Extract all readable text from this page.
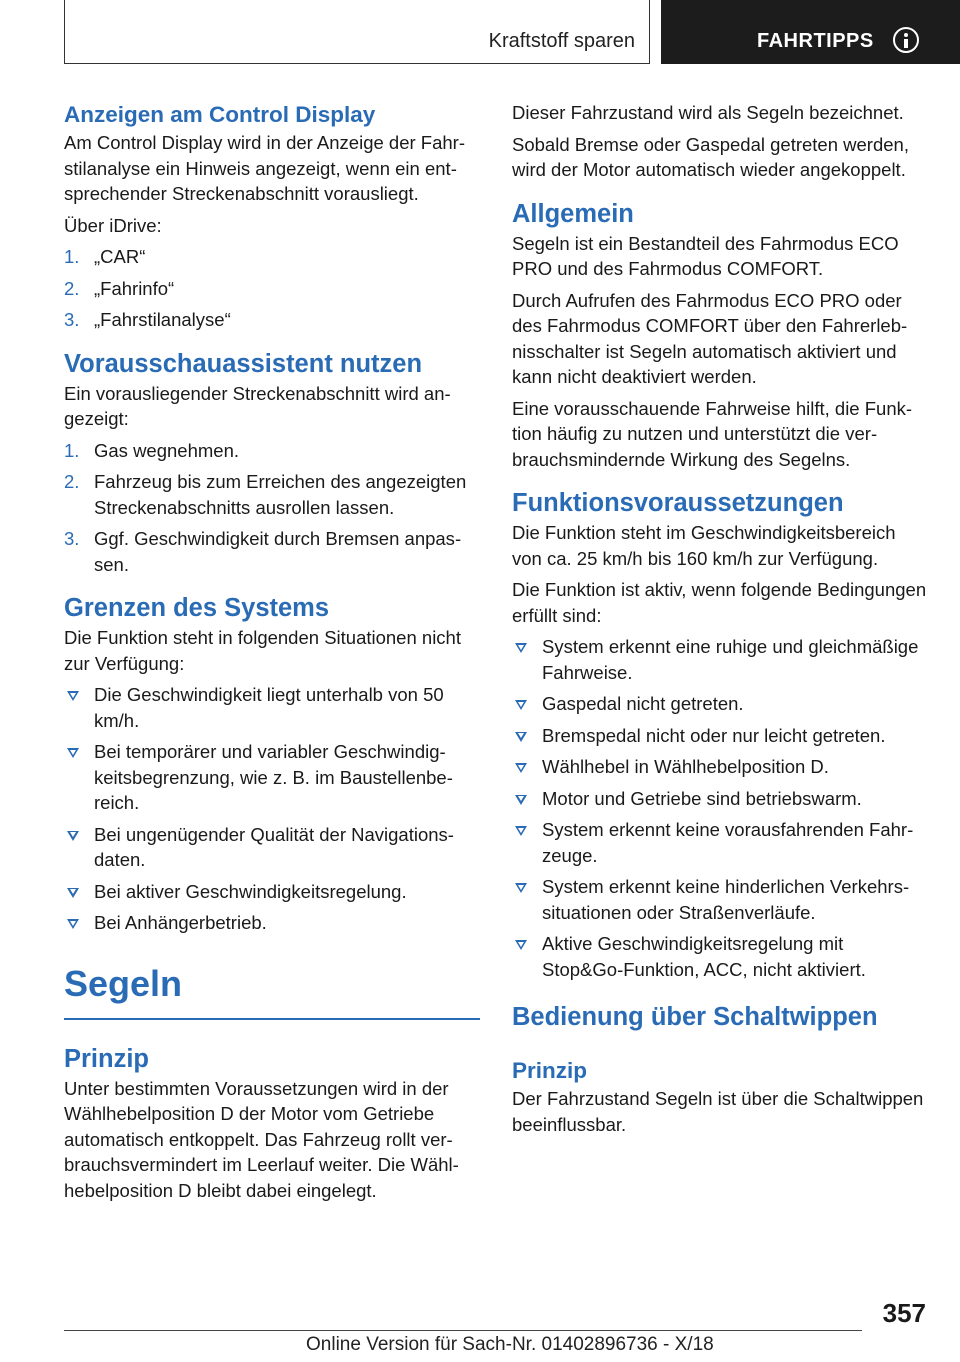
Kraftstoff sparen	FAHRTIPPS
Anzeigen am Control Display

Am Control Display wird in der Anzeige der Fahrstilanalyse ein Hinweis angezeigt, wenn ein entsprechender Streckenabschnitt vorausliegt.

Über iDrive:

1. „CAR“
2. „Fahrinfo“
3. „Fahrstilanalyse“
Vorausschauassistent nutzen

Ein vorausliegender Streckenabschnitt wird angezeigt:

1. Gas wegnehmen.
2. Fahrzeug bis zum Erreichen des angezeigten Streckenabschnitts ausrollen lassen.
3. Ggf. Geschwindigkeit durch Bremsen anpassen.
Grenzen des Systems

Die Funktion steht in folgenden Situationen nicht zur Verfügung:

Die Geschwindigkeit liegt unterhalb von 50 km/h.
Bei temporärer und variabler Geschwindigkeitsbegrenzung, wie z. B. im Baustellenbereich.
Bei ungenügender Qualität der Navigationsdaten.
Bei aktiver Geschwindigkeitsregelung.
Bei Anhängerbetrieb.
Segeln
Prinzip

Unter bestimmten Voraussetzungen wird in der Wählhebelposition D der Motor vom Getriebe automatisch entkoppelt. Das Fahrzeug rollt verbrauchsvermindert im Leerlauf weiter. Die Wählhebelposition D bleibt dabei eingelegt.

Dieser Fahrzustand wird als Segeln bezeichnet.

Sobald Bremse oder Gaspedal getreten werden, wird der Motor automatisch wieder angekoppelt.

Allgemein

Segeln ist ein Bestandteil des Fahrmodus ECO PRO und des Fahrmodus COMFORT.

Durch Aufrufen des Fahrmodus ECO PRO oder des Fahrmodus COMFORT über den Fahrerlebnisschalter ist Segeln automatisch aktiviert und kann nicht deaktiviert werden.

Eine vorausschauende Fahrweise hilft, die Funktion häufig zu nutzen und unterstützt die verbrauchsmindernde Wirkung des Segelns.

Funktionsvoraussetzungen

Die Funktion steht im Geschwindigkeitsbereich von ca. 25 km/h bis 160 km/h zur Verfügung.

Die Funktion ist aktiv, wenn folgende Bedingungen erfüllt sind:

System erkennt eine ruhige und gleichmäßige Fahrweise.
Gaspedal nicht getreten.
Bremspedal nicht oder nur leicht getreten.
Wählhebel in Wählhebelposition D.
Motor und Getriebe sind betriebswarm.
System erkennt keine vorausfahrenden Fahrzeuge.
System erkennt keine hinderlichen Verkehrssituationen oder Straßenverläufe.
Aktive Geschwindigkeitsregelung mit Stop&Go-Funktion, ACC, nicht aktiviert.
Bedienung über Schaltwippen
Prinzip

Der Fahrzustand Segeln ist über die Schaltwippen beeinflussbar.

357
Online Version für Sach-Nr. 01402896736 - X/18
